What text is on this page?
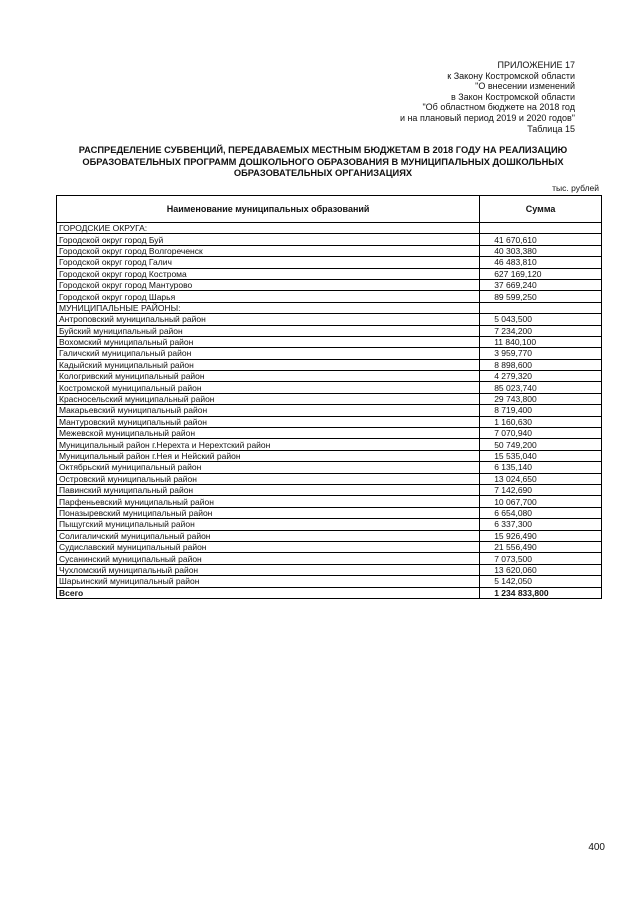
ПРИЛОЖЕНИЕ 17
к Закону Костромской области
"О внесении изменений
в Закон Костромской области
"Об областном бюджете на 2018 год
и на плановый период 2019 и 2020 годов"
Таблица 15
РАСПРЕДЕЛЕНИЕ СУБВЕНЦИЙ, ПЕРЕДАВАЕМЫХ МЕСТНЫМ БЮДЖЕТАМ В 2018 ГОДУ НА РЕАЛИЗАЦИЮ ОБРАЗОВАТЕЛЬНЫХ ПРОГРАММ ДОШКОЛЬНОГО ОБРАЗОВАНИЯ В МУНИЦИПАЛЬНЫХ ДОШКОЛЬНЫХ ОБРАЗОВАТЕЛЬНЫХ ОРГАНИЗАЦИЯХ
тыс. рублей
Наименование муниципальных образований	Сумма
ГОРОДСКИЕ ОКРУГА:	
Городской округ город Буй	41 670,610
Городской округ город Волгореченск	40 303,380
Городской округ город Галич	46 483,810
Городской округ город Кострома	627 169,120
Городской округ город Мантурово	37 669,240
Городской округ город Шарья	89 599,250
МУНИЦИПАЛЬНЫЕ РАЙОНЫ:	
Антроповский муниципальный район	5 043,500
Буйский муниципальный район	7 234,200
Вохомский муниципальный район	11 840,100
Галичский муниципальный район	3 959,770
Кадыйский муниципальный район	8 898,600
Кологривский муниципальный район	4 279,320
Костромской муниципальный район	85 023,740
Красносельский муниципальный район	29 743,800
Макарьевский муниципальный район	8 719,400
Мантуровский муниципальный район	1 160,630
Межевской муниципальный район	7 070,940
Муниципальный район г.Нерехта и Нерехтский район	50 749,200
Муниципальный район г.Нея и Нейский район	15 535,040
Октябрьский муниципальный район	6 135,140
Островский муниципальный район	13 024,650
Павинский муниципальный район	7 142,690
Парфеньевский муниципальный район	10 067,700
Поназыревский муниципальный район	6 654,080
Пыщугский муниципальный район	6 337,300
Солигаличский муниципальный район	15 926,490
Судиславский муниципальный район	21 556,490
Сусанинский муниципальный район	7 073,500
Чухломский муниципальный район	13 620,060
Шарьинский муниципальный район	5 142,050
Всего	1 234 833,800
400
